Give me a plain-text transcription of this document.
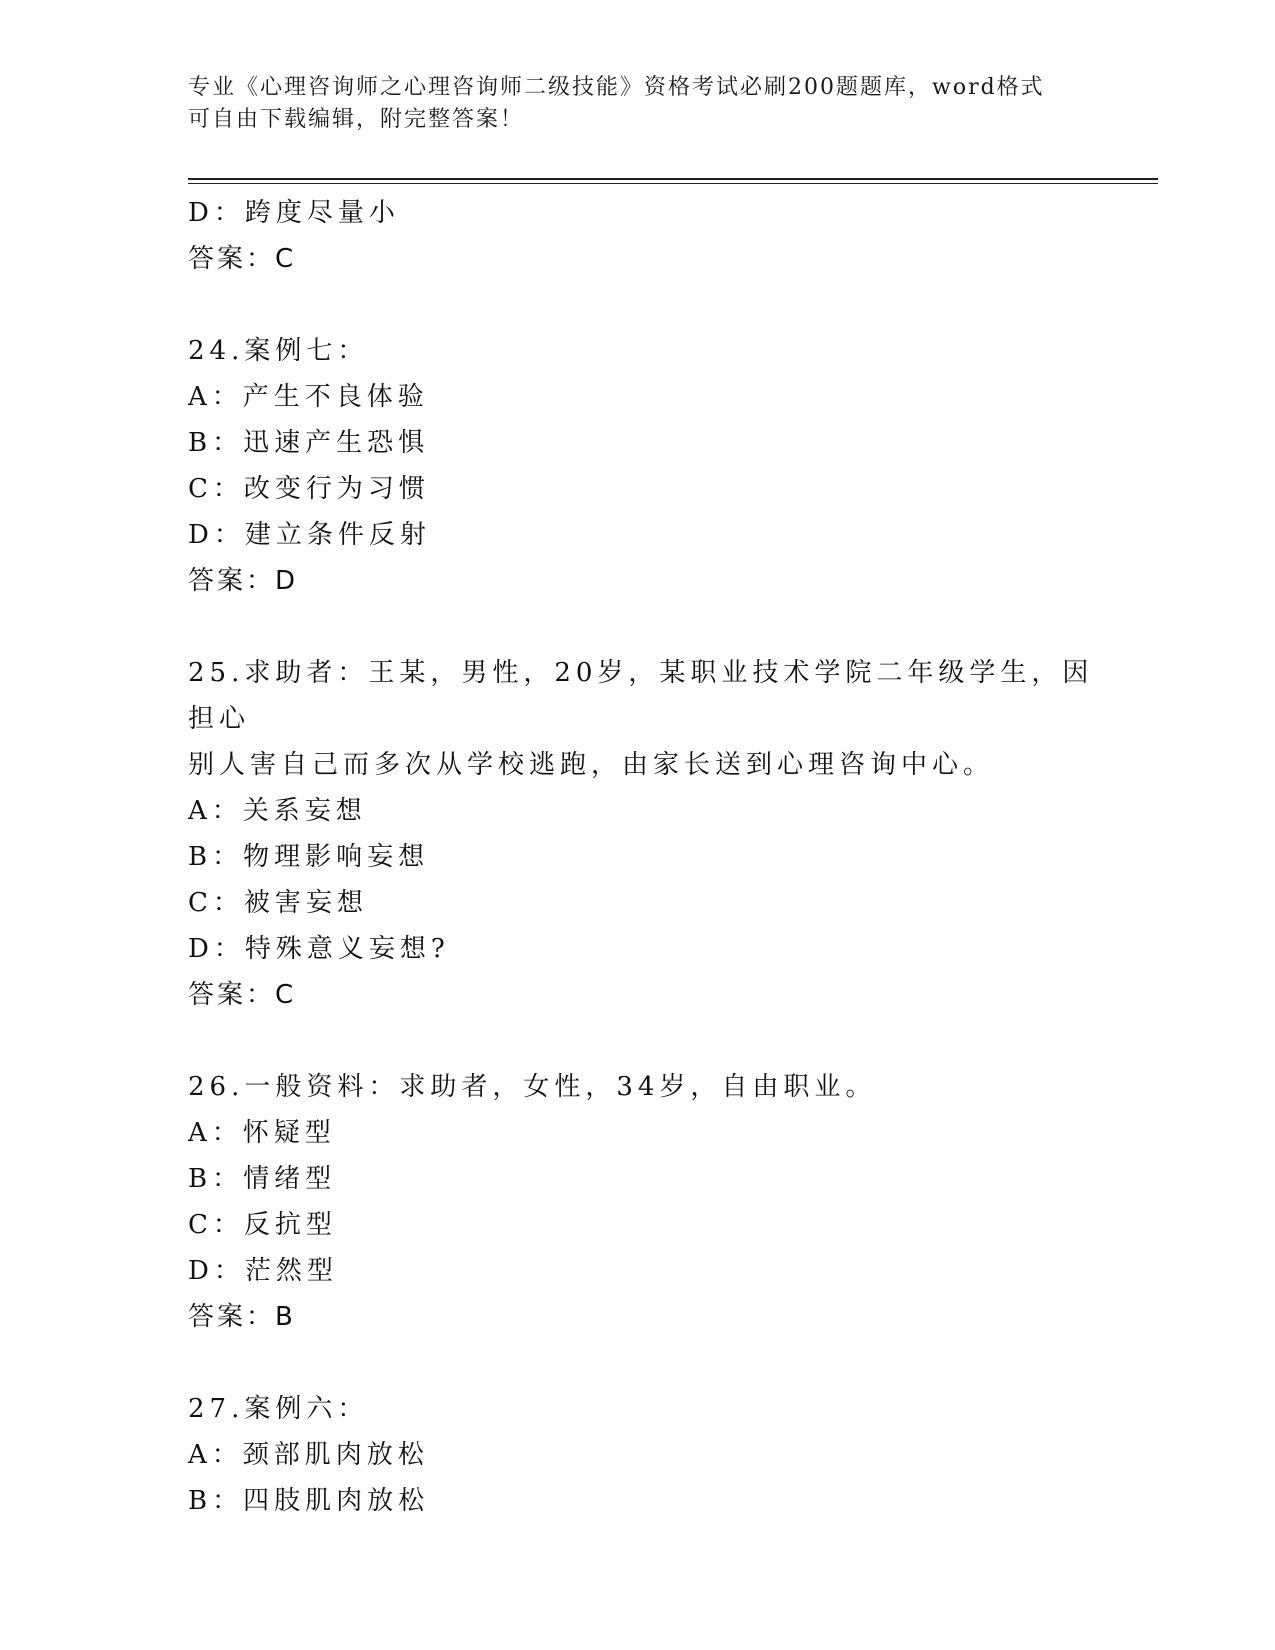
专业《心理咨询师之心理咨询师二级技能》资格考试必刷200题题库，word格式
可自由下载编辑，附完整答案！
D：跨度尽量小
答案：C
24.案例七：
A：产生不良体验
B：迅速产生恐惧
C：改变行为习惯
D：建立条件反射
答案：D
25.求助者：王某，男性，20岁，某职业技术学院二年级学生，因担心
别人害自己而多次从学校逃跑，由家长送到心理咨询中心。
A：关系妄想
B：物理影响妄想
C：被害妄想
D：特殊意义妄想?
答案：C
26.一般资料：求助者，女性，34岁，自由职业。
A：怀疑型
B：情绪型
C：反抗型
D：茫然型
答案：B
27.案例六：
A：颈部肌肉放松
B：四肢肌肉放松
